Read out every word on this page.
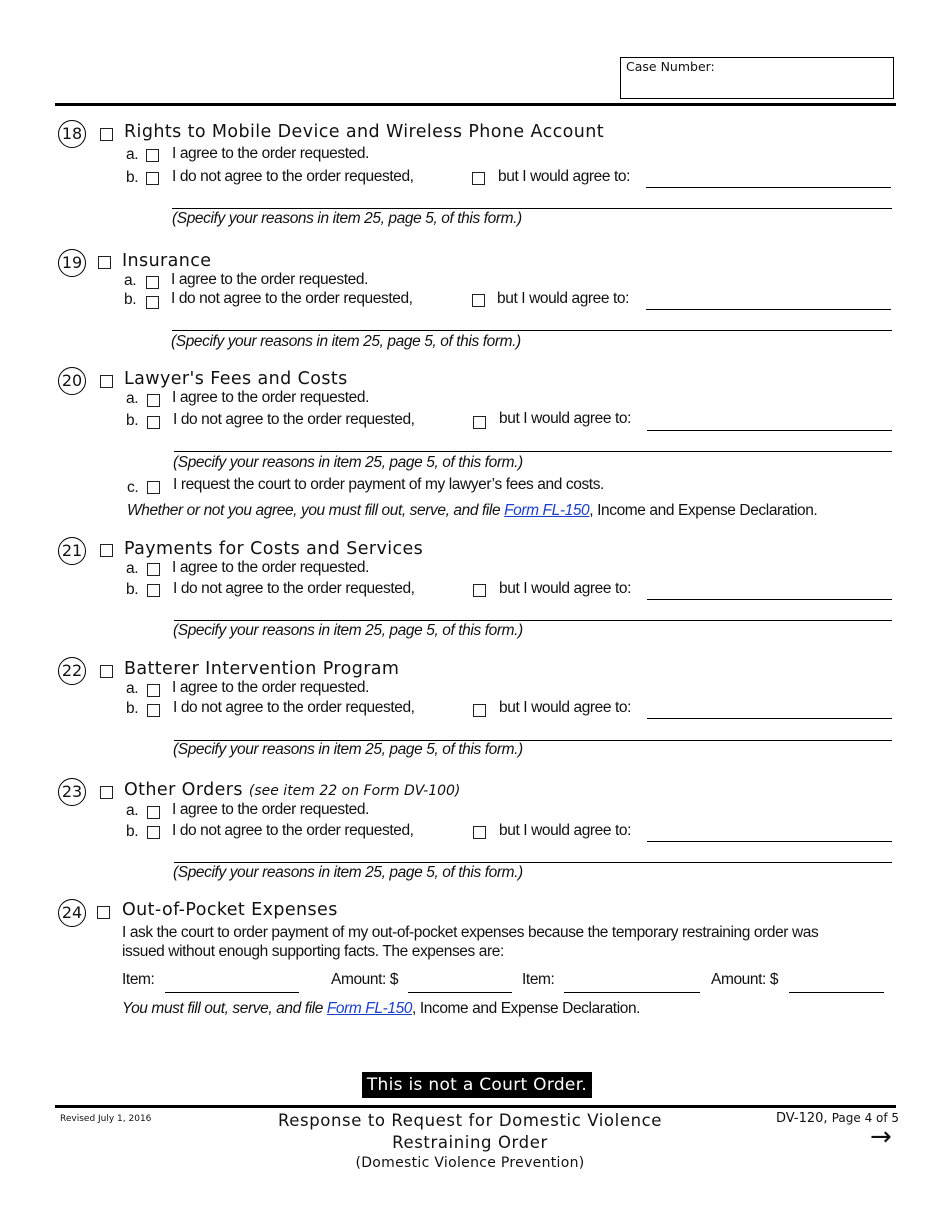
Case Number:
18 Rights to Mobile Device and Wireless Phone Account
a. I agree to the order requested.
b. I do not agree to the order requested,	but I would agree to:
(Specify your reasons in item 25, page 5, of this form.)
19 Insurance
a. I agree to the order requested.
b. I do not agree to the order requested,	but I would agree to:
(Specify your reasons in item 25, page 5, of this form.)
20 Lawyer's Fees and Costs
a. I agree to the order requested.
b. I do not agree to the order requested,	but I would agree to:
(Specify your reasons in item 25, page 5, of this form.)
c. I request the court to order payment of my lawyer’s fees and costs.
Whether or not you agree, you must fill out, serve, and file Form FL-150, Income and Expense Declaration.
21 Payments for Costs and Services
a. I agree to the order requested.
b. I do not agree to the order requested,	but I would agree to:
(Specify your reasons in item 25, page 5, of this form.)
22 Batterer Intervention Program
a. I agree to the order requested.
b. I do not agree to the order requested,	but I would agree to:
(Specify your reasons in item 25, page 5, of this form.)
23 Other Orders (see item 22 on Form DV-100)
a. I agree to the order requested.
b. I do not agree to the order requested,	but I would agree to:
(Specify your reasons in item 25, page 5, of this form.)
24 Out-of-Pocket Expenses
I ask the court to order payment of my out-of-pocket expenses because the temporary restraining order was
issued without enough supporting facts. The expenses are:
Item:	Amount: $	Item:	Amount: $
You must fill out, serve, and file Form FL-150, Income and Expense Declaration.
This is not a Court Order.
Revised July 1, 2016	Response to Request for Domestic Violence
Restraining Order
(Domestic Violence Prevention)
DV-120, Page 4 of 5
→
